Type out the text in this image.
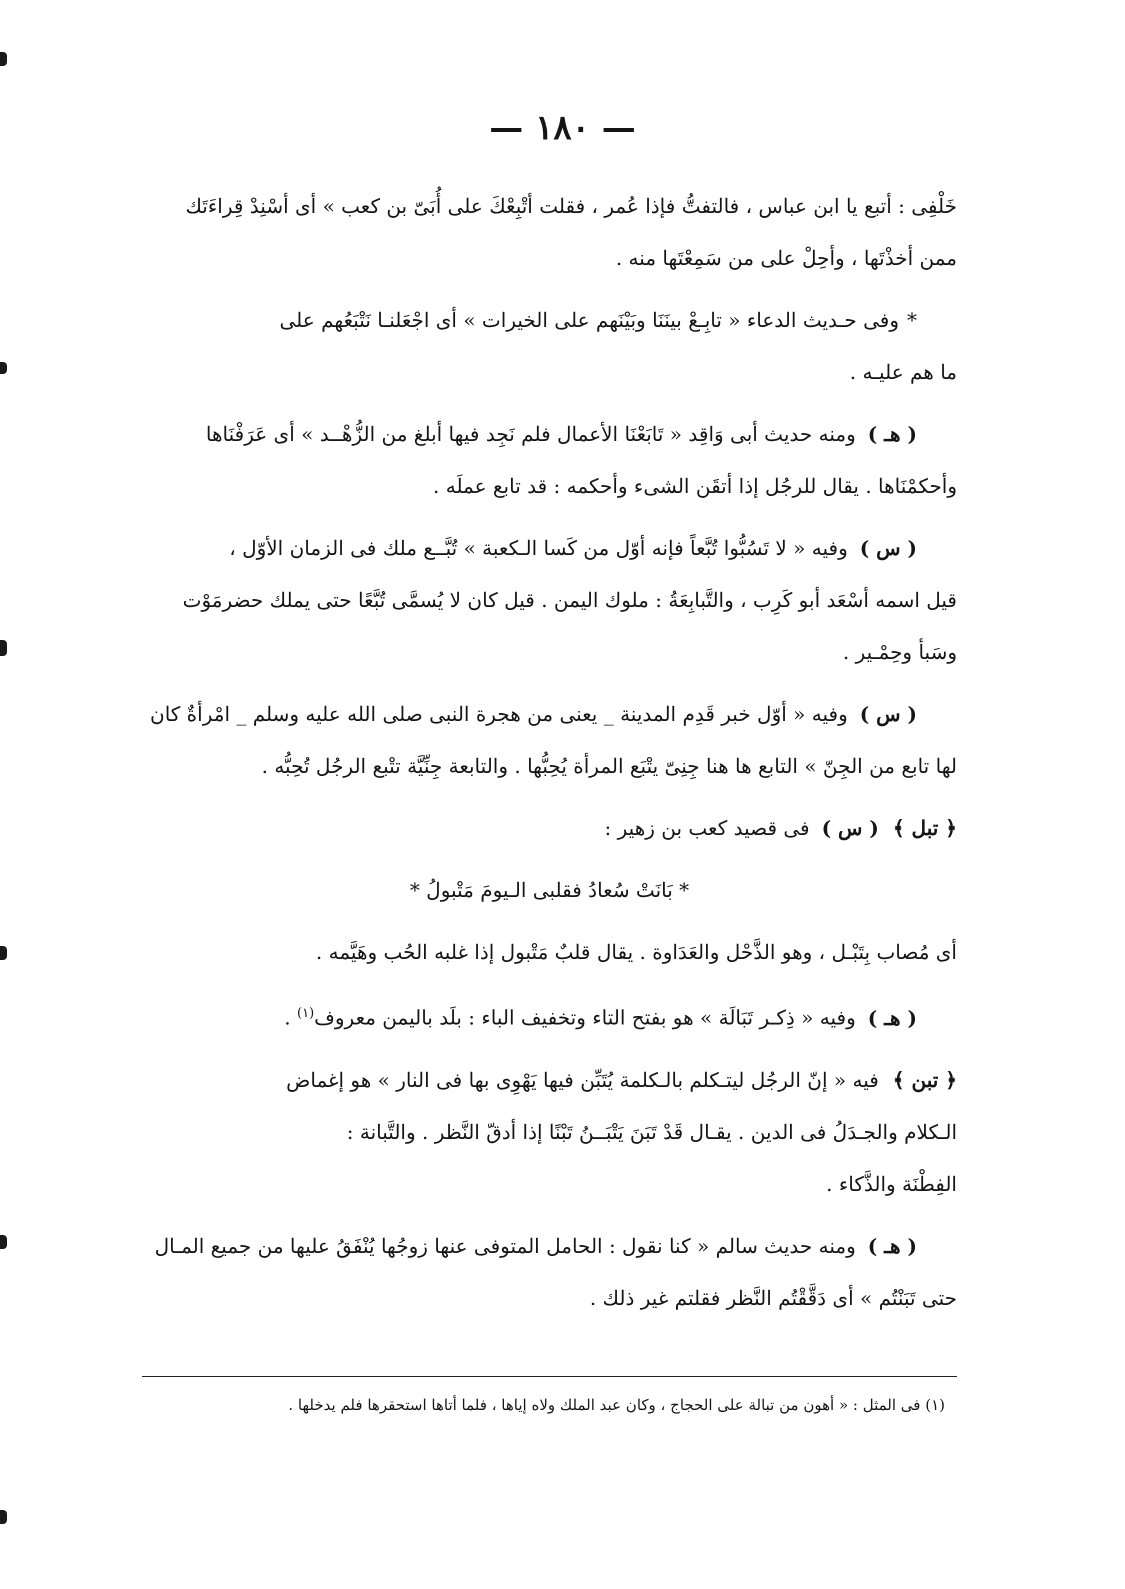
— ١٨٠ —
خَلْفِى : أتبع يا ابن عباس ، فالتفتُّ فإذا عُمر ، فقلت أتْبِعْكَ على أُبَىّ بن كعب » أى أسْنِدْ قِراءَتَك
ممن أخذْتَها ، وأحِلْ على من سَمِعْتَها منه .
*وفى حـديث الدعاء « تابِـعْ بينَنَا وبَيْنَهم على الخيرات » أى اجْعَلنـا نَتْبَعُهم على
ما هم عليـه .
( هـ )ومنه حديث أبى وَاقِد « تَابَعْنَا الأعمال فلم نَجِد فيها أبلغ من الزُّهْــد » أى عَرَفْنَاها
وأحكمْنَاها . يقال للرجُل إذا أتقَن الشىء وأحكمه : قد تابع عملَه .
( س )وفيه « لا تَسُبُّوا تُبَّعاً فإنه أوّل من كَسا الـكعبة » تُبَّــع ملك فى الزمان الأوّل ،
قيل اسمه أسْعَد أبو كَرِب ، والتَّبابِعَةُ : ملوك اليمن . قيل كان لا يُسمَّى تُبَّعًا حتى يملك حضرمَوْت
وسَبأ وحِمْـير .
( س )وفيه « أوّل خبر قَدِم المدينة _ يعنى من هجرة النبى صلى الله عليه وسلم _ امْرأةٌ كان
لها تابع من الجِنّ » التابع ها هنا جِنِىّ يتْبَع المرأة يُحِبُّها . والتابعة جِنِّيَّة تتْبع الرجُل تُحِبُّه .
﴿ تبل ﴾( س )فى قصيد كعب بن زهير :
* بَانَتْ سُعادُ فقلبى الـيومَ مَتْبولُ *
أى مُصاب بِتَبْـل ، وهو الذَّحْل والعَدَاوة . يقال قلبٌ مَتْبول إذا غلبه الحُب وهَيَّمه .
( هـ )وفيه « ذِكـر تَبَالَة » هو بفتح التاء وتخفيف الباء : بلَد باليمن معروف$^{(١)}$ .
﴿ تبن ﴾فيه « إنّ الرجُل ليتـكلم بالـكلمة يُتَبِّن فيها يَهْوِى بها فى النار » هو إغماض
الـكلام والجـدَلُ فى الدين . يقـال قَدْ تَبَنَ يَتْبَــنُ تَبْنًا إذا أدقّ النَّظر . والتَّبانة :
الفِطْنَة والذَّكاء .
( هـ )ومنه حديث سالم « كنا نقول : الحامل المتوفى عنها زوجُها يُنْفَقُ عليها من جميع المـال
حتى تَبَنْتُم » أى دَقَّقْتُم النَّظر فقلتم غير ذلك .
(١) فى المثل : « أهون من تبالة على الحجاج ، وكان عبد الملك ولاه إياها ، فلما أتاها استحقرها فلم يدخلها .
